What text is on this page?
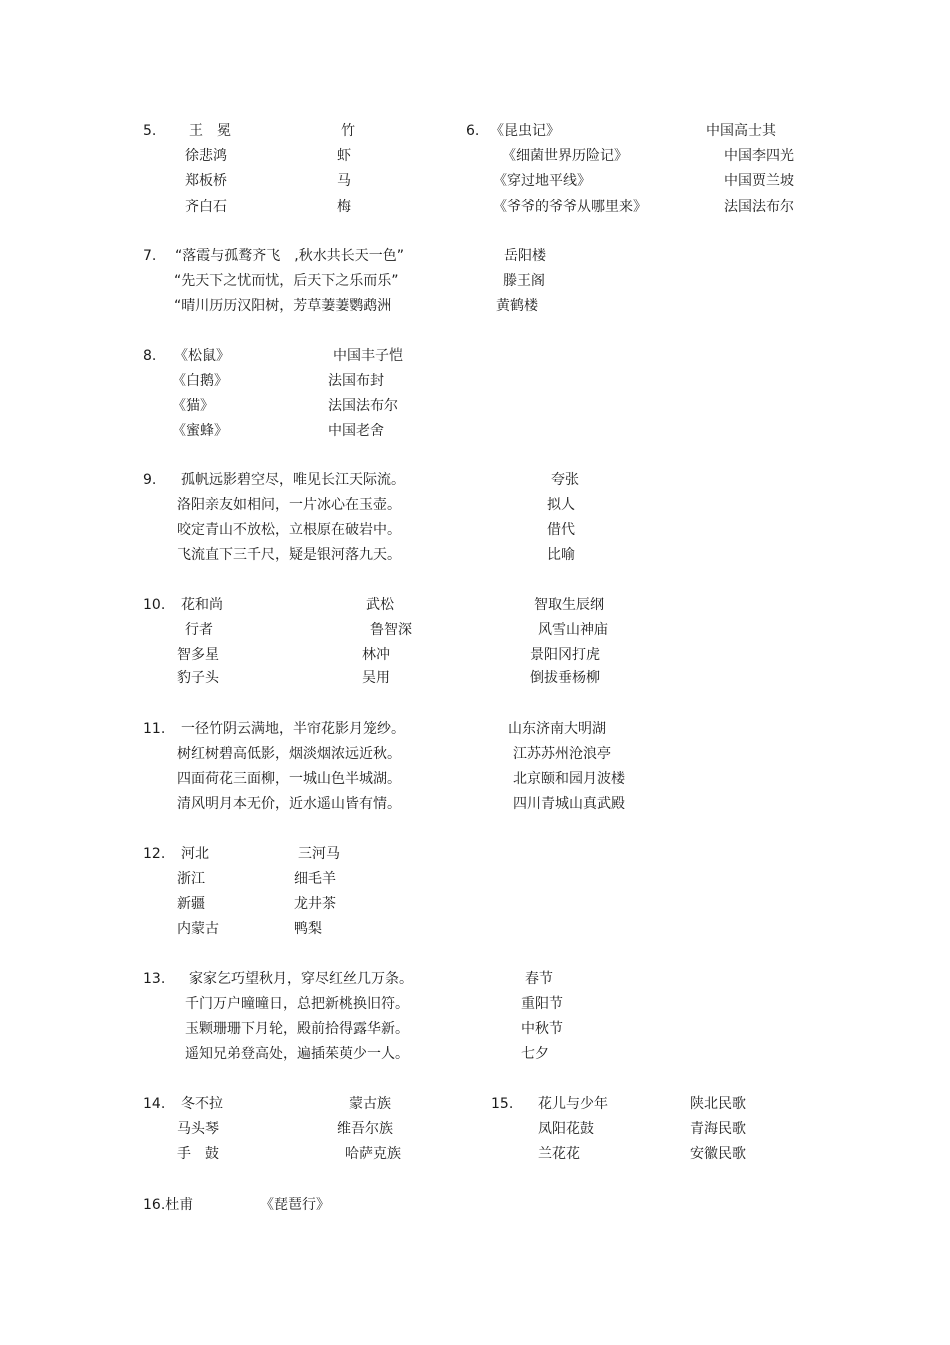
5. 王　冕	竹
徐悲鸿	虾
郑板桥	马
齐白石	梅
6. 《昆虫记》	中国高士其
《细菌世界历险记》	中国李四光
《穿过地平线》	中国贾兰坡
《爷爷的爷爷从哪里来》	法国法布尔
7. “落霞与孤鹜齐飞　,秋水共长天一色”	岳阳楼
“先天下之忧而忧，后天下之乐而乐”	滕王阁
“晴川历历汉阳树，芳草萋萋鹦鹉洲	黄鹤楼
8. 《松鼠》	中国丰子恺
《白鹅》	法国布封
《猫》	法国法布尔
《蜜蜂》	中国老舍
9. 孤帆远影碧空尽，唯见长江天际流。	夸张
洛阳亲友如相问，一片冰心在玉壶。	拟人
咬定青山不放松，立根原在破岩中。	借代
飞流直下三千尺，疑是银河落九天。	比喻
10. 花和尚	武松	智取生辰纲
行者	鲁智深	风雪山神庙
智多星	林冲	景阳冈打虎
豹子头	吴用	倒拔垂杨柳
11. 一径竹阴云满地，半帘花影月笼纱。	山东济南大明湖
树红树碧高低影，烟淡烟浓远近秋。	江苏苏州沧浪亭
四面荷花三面柳，一城山色半城湖。	北京颐和园月波楼
清风明月本无价，近水遥山皆有情。	四川青城山真武殿
12. 河北	三河马
浙江	细毛羊
新疆	龙井茶
内蒙古	鸭梨
13. 家家乞巧望秋月，穿尽红丝几万条。	春节
千门万户曈曈日，总把新桃换旧符。	重阳节
玉颗珊珊下月轮，殿前拾得露华新。	中秋节
遥知兄弟登高处，遍插茱萸少一人。	七夕
14. 冬不拉	蒙古族
马头琴	维吾尔族
手　鼓	哈萨克族
15. 花儿与少年	陕北民歌
凤阳花鼓	青海民歌
兰花花	安徽民歌
16.杜甫	《琵琶行》
